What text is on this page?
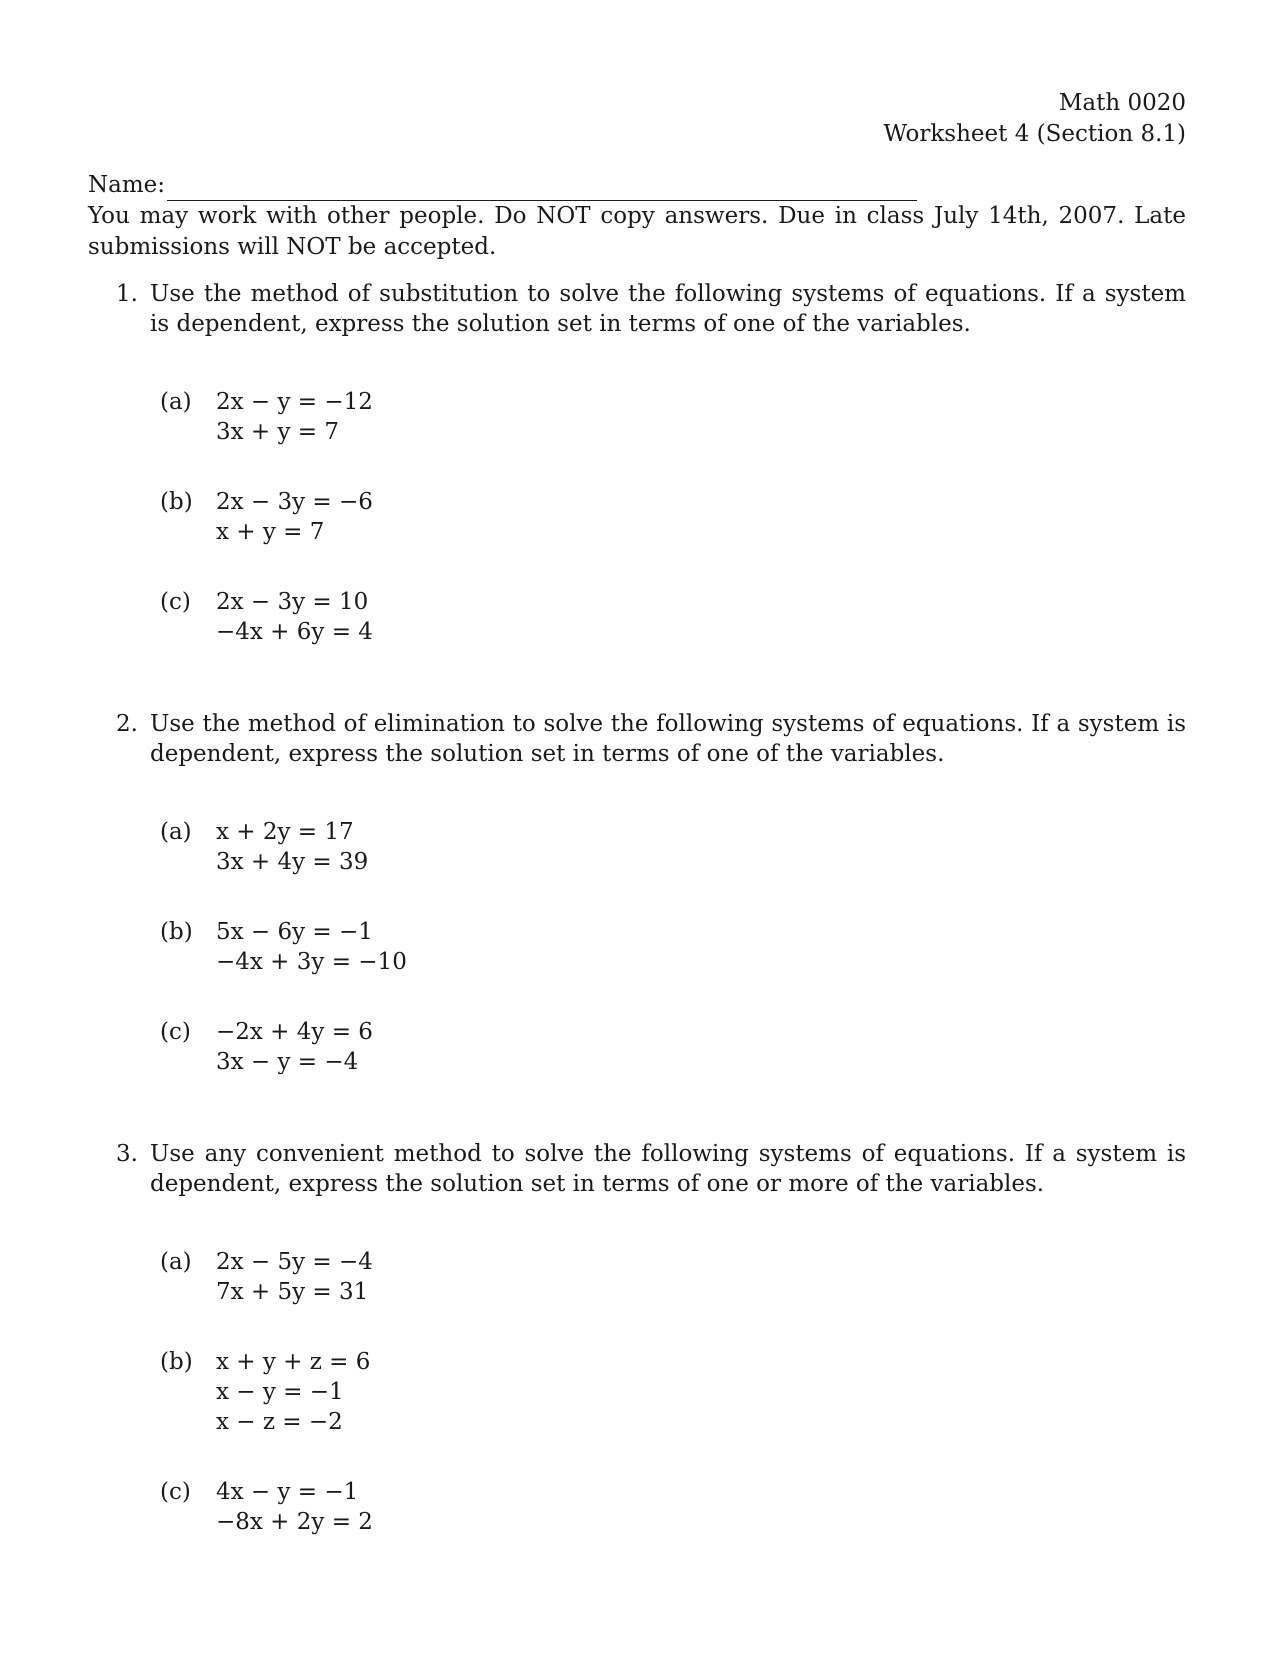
Math 0020
Worksheet 4 (Section 8.1)
Name:
You may work with other people. Do NOT copy answers. Due in class July 14th, 2007. Late submissions will NOT be accepted.
1. Use the method of substitution to solve the following systems of equations. If a system is dependent, express the solution set in terms of one of the variables.
(a) 2x − y = −12
3x + y = 7
(b) 2x − 3y = −6
x + y = 7
(c) 2x − 3y = 10
−4x + 6y = 4
2. Use the method of elimination to solve the following systems of equations. If a system is dependent, express the solution set in terms of one of the variables.
(a) x + 2y = 17
3x + 4y = 39
(b) 5x − 6y = −1
−4x + 3y = −10
(c) −2x + 4y = 6
3x − y = −4
3. Use any convenient method to solve the following systems of equations. If a system is dependent, express the solution set in terms of one or more of the variables.
(a) 2x − 5y = −4
7x + 5y = 31
(b) x + y + z = 6
x − y = −1
x − z = −2
(c) 4x − y = −1
−8x + 2y = 2
